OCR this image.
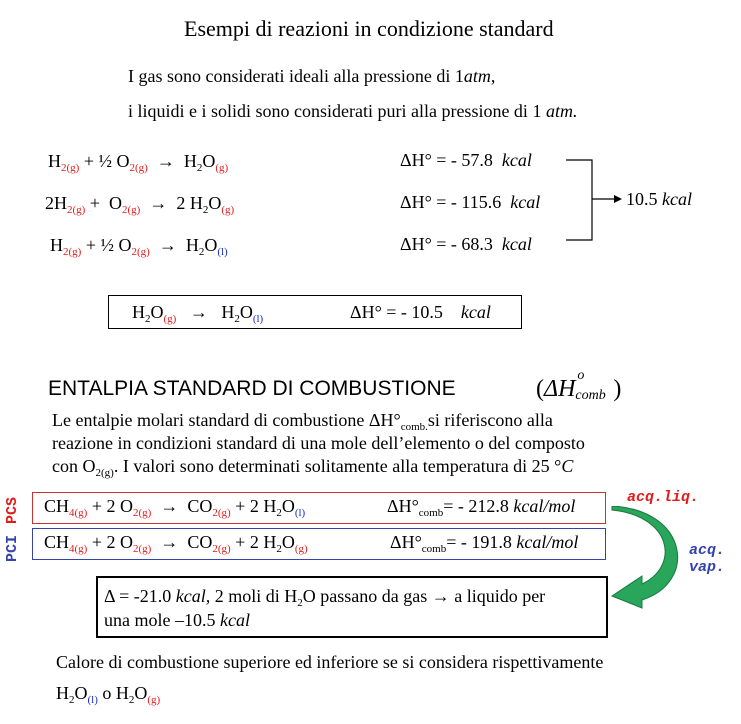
Esempi di reazioni in condizione standard
I gas sono considerati ideali alla pressione di 1atm,
i liquidi e i solidi sono considerati puri alla pressione di 1 atm.
$H_{2(g)}$ + ½ $O_{2(g)} \to H_2O_{(g)}$	ΔH° = - 57.8 kcal
$2H_{2(g)} + O_{2(g)} \to 2$ $H_2O_{(g)}$	ΔH° = - 115.6 kcal
$H_{2(g)}$ + ½ $O_{2(g)} \to H_2O_{(l)}$	ΔH° = - 68.3 kcal
10.5 kcal
$H_2O_{(g)} \to H_2O_{(l)}$	ΔH° = - 10.5 kcal
ENTALPIA STANDARD DI COMBUSTIONE	(ΔH
o
comb )
Le entalpie molari standard di combustione $\Delta H^\circ_{comb.}si$ riferiscono alla
reazione in condizioni standard di una mole dell’elemento o del composto
con $O_{2(g)}$. I valori sono determinati solitamente alla temperatura di 25 °C
PCI
PCS $CH_{4(g)} + 2$ $O_{2(g)} \to CO_{2(g)} + 2$ $H_2O_{(l)}$	$\Delta H^\circ_{comb}= - 212.8$ kcal/mol
$CH_{4(g)} + 2$ $O_{2(g)} \to CO_{2(g)} + 2$ $H_2O_{(g)}$	$\Delta H^\circ_{comb}= - 191.8$ kcal/mol
acq.liq.
acq.
vap.
Δ = -21.0 kcal, 2 moli di $H_2O$ passano da gas → a liquido per
una mole –10.5 kcal
Calore di combustione superiore ed inferiore se si considera rispettivamente
$H_2O_{(l)}$ o $H_2O_{(g)}$
